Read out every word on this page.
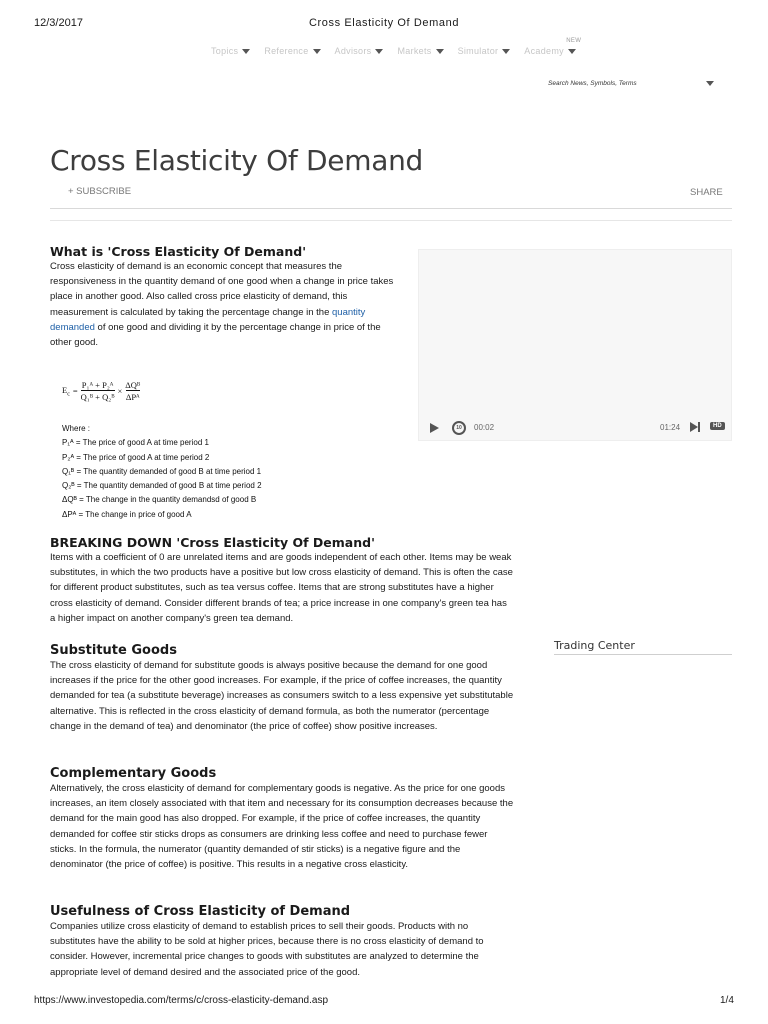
12/3/2017	Cross Elasticity Of Demand
Topics	Reference	Advisors	Markets	Simulator	Academy
NEW
Search News, Symbols, Terms
Cross Elasticity Of Demand
+ SUBSCRIBE	SHARE
What is 'Cross Elasticity Of Demand'

Cross elasticity of demand is an economic concept that measures the responsiveness in the quantity demand of one good when a change in price takes place in another good. Also called cross price elasticity of demand, this measurement is calculated by taking the percentage change in the quantity demanded of one good and dividing it by the percentage change in price of the other good.

$E_c = \frac{\text{P₁ᴬ + P₂ᴬ}}{\text{Q₁ᴮ + Q₂ᴮ}}$ ×
ΔQᴮ
ΔPᴬ
Where :
P₁ᴬ = The price of good A at time period 1
P₂ᴬ = The price of good A at time period 2
Q₁ᴮ = The quantity demanded of good B at time period 1
Q₂ᴮ = The quantity demanded of good B at time period 2
ΔQᴮ = The change in the quantity demandsd of good B
ΔPᴬ = The change in price of good A
10	00:02	01:24	HD
BREAKING DOWN 'Cross Elasticity Of Demand'

Items with a coefficient of 0 are unrelated items and are goods independent of each other. Items may be weak substitutes, in which the two products have a positive but low cross elasticity of demand. This is often the case for different product substitutes, such as tea versus coffee. Items that are strong substitutes have a higher cross elasticity of demand. Consider different brands of tea; a price increase in one company's green tea has a higher impact on another company's green tea demand.

Trading Center
Substitute Goods

The cross elasticity of demand for substitute goods is always positive because the demand for one good increases if the price for the other good increases. For example, if the price of coffee increases, the quantity demanded for tea (a substitute beverage) increases as consumers switch to a less expensive yet substitutable alternative. This is reflected in the cross elasticity of demand formula, as both the numerator (percentage change in the demand of tea) and denominator (the price of coffee) show positive increases.

Complementary Goods

Alternatively, the cross elasticity of demand for complementary goods is negative. As the price for one goods increases, an item closely associated with that item and necessary for its consumption decreases because the demand for the main good has also dropped. For example, if the price of coffee increases, the quantity demanded for coffee stir sticks drops as consumers are drinking less coffee and need to purchase fewer sticks. In the formula, the numerator (quantity demanded of stir sticks) is a negative figure and the denominator (the price of coffee) is positive. This results in a negative cross elasticity.

Usefulness of Cross Elasticity of Demand

Companies utilize cross elasticity of demand to establish prices to sell their goods. Products with no substitutes have the ability to be sold at higher prices, because there is no cross elasticity of demand to consider. However, incremental price changes to goods with substitutes are analyzed to determine the appropriate level of demand desired and the associated price of the good.

https://www.investopedia.com/terms/c/cross-elasticity-demand.asp	1/4
